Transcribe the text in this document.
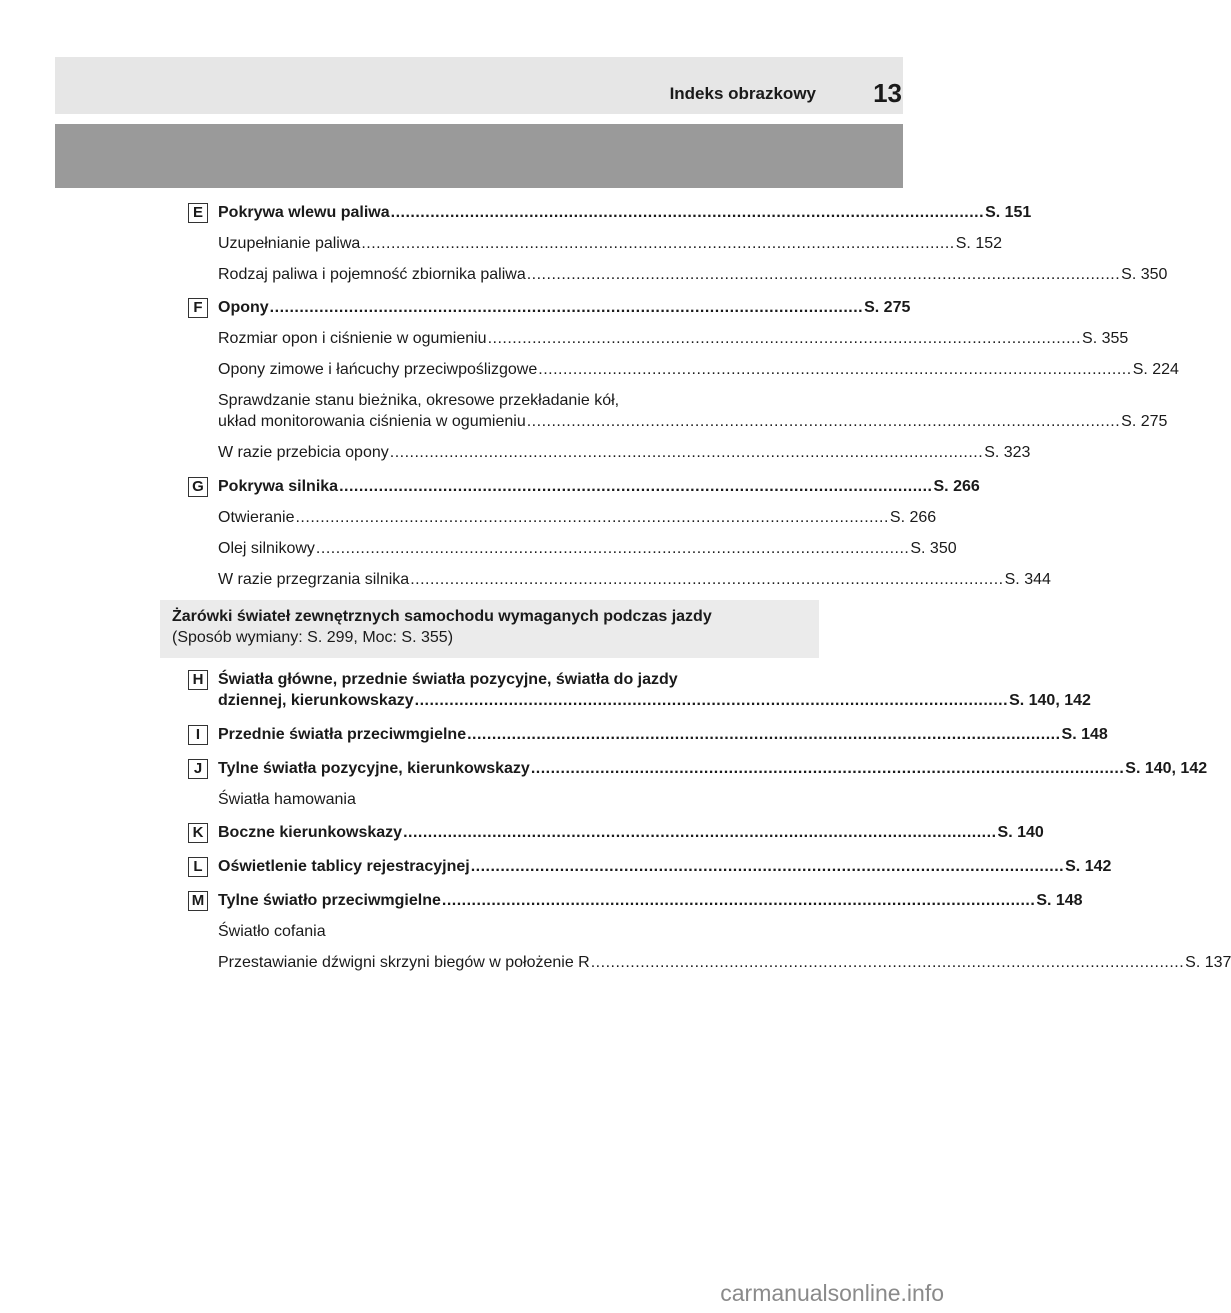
Indeks obrazkowy 13
E Pokrywa wlewu paliwa ........................................................................................................................ S. 151
Uzupełnianie paliwa ........................................................................................................................ S. 152
Rodzaj paliwa i pojemność zbiornika paliwa ........................................................................................................................ S. 350
F Opony ........................................................................................................................ S. 275
Rozmiar opon i ciśnienie w ogumieniu ........................................................................................................................ S. 355
Opony zimowe i łańcuchy przeciwpoślizgowe ........................................................................................................................ S. 224
Sprawdzanie stanu bieżnika, okresowe przekładanie kół,
układ monitorowania ciśnienia w ogumieniu ........................................................................................................................ S. 275
W razie przebicia opony ........................................................................................................................ S. 323
G Pokrywa silnika ........................................................................................................................ S. 266
Otwieranie ........................................................................................................................ S. 266
Olej silnikowy ........................................................................................................................ S. 350
W razie przegrzania silnika ........................................................................................................................ S. 344
Żarówki świateł zewnętrznych samochodu wymaganych podczas jazdy
(Sposób wymiany: S. 299, Moc: S. 355)
H Światła główne, przednie światła pozycyjne, światła do jazdy
dziennej, kierunkowskazy ........................................................................................................................ S. 140, 142
I	Przednie światła przeciwmgielne ........................................................................................................................ S. 148
J Tylne światła pozycyjne, kierunkowskazy ........................................................................................................................ S. 140, 142
Światła hamowania
K Boczne kierunkowskazy ........................................................................................................................ S. 140
L Oświetlenie tablicy rejestracyjnej ........................................................................................................................ S. 142
M Tylne światło przeciwmgielne ........................................................................................................................ S. 148
Światło cofania
Przestawianie dźwigni skrzyni biegów w położenie R ........................................................................................................................ S. 137
carmanualsonline.info
